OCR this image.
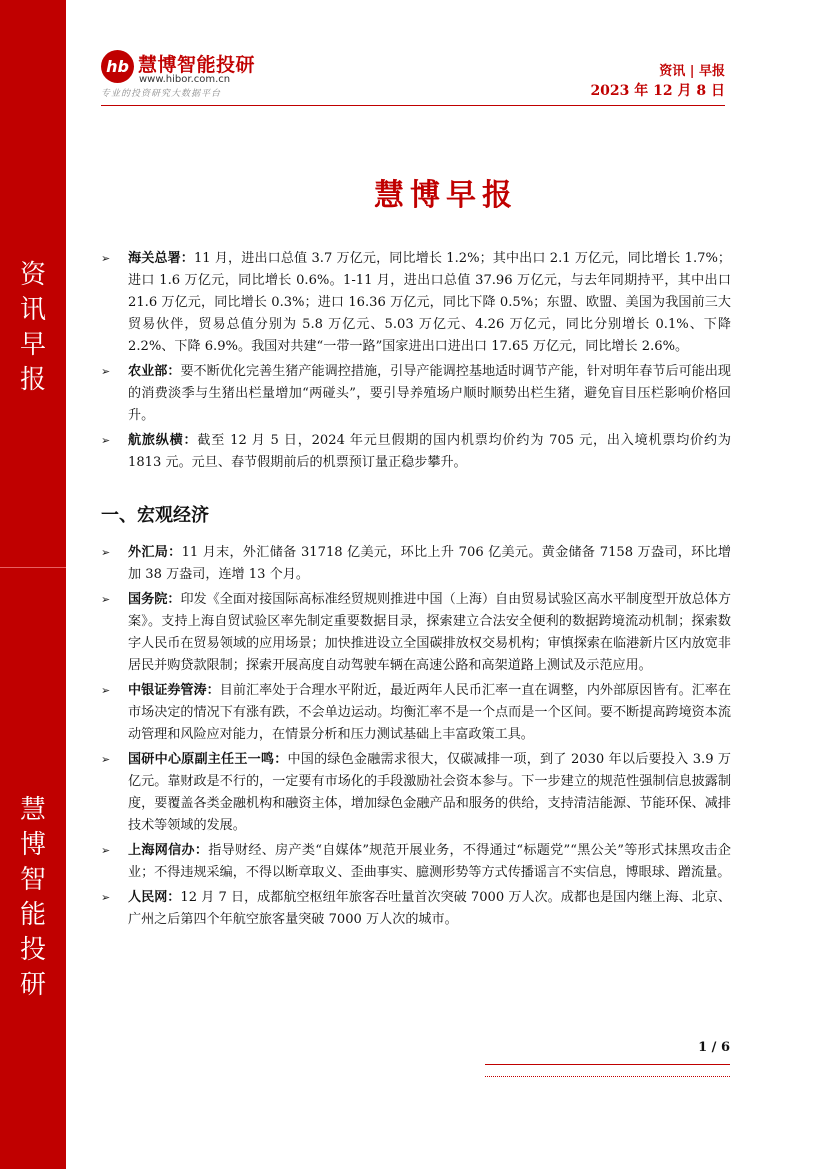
资
讯
早
报
慧
博
智
能
投
研
hb 慧博智能投研
www.hibor.com.cn
专业的投资研究大数据平台
资讯 | 早报
2023 年 12 月 8 日
慧博早报
➢ 海关总署：11 月，进出口总值 3.7 万亿元，同比增长 1.2%；其中出口 2.1 万亿元，同比增长 1.7%；进口 1.6 万亿元，同比增长 0.6%。1-11 月，进出口总值 37.96 万亿元，与去年同期持平，其中出口 21.6 万亿元，同比增长 0.3%；进口 16.36 万亿元，同比下降 0.5%；东盟、欧盟、美国为我国前三大贸易伙伴，贸易总值分别为 5.8 万亿元、5.03 万亿元、4.26 万亿元，同比分别增长 0.1%、下降 2.2%、下降 6.9%。我国对共建“一带一路”国家进出口进出口 17.65 万亿元，同比增长 2.6%。
➢ 农业部：要不断优化完善生猪产能调控措施，引导产能调控基地适时调节产能，针对明年春节后可能出现的消费淡季与生猪出栏量增加“两碰头”，要引导养殖场户顺时顺势出栏生猪，避免盲目压栏影响价格回升。
➢ 航旅纵横：截至 12 月 5 日，2024 年元旦假期的国内机票均价约为 705 元，出入境机票均价约为 1813 元。元旦、春节假期前后的机票预订量正稳步攀升。
一、宏观经济
➢ 外汇局：11 月末，外汇储备 31718 亿美元，环比上升 706 亿美元。黄金储备 7158 万盎司，环比增加 38 万盎司，连增 13 个月。
➢ 国务院：印发《全面对接国际高标准经贸规则推进中国（上海）自由贸易试验区高水平制度型开放总体方案》。支持上海自贸试验区率先制定重要数据目录，探索建立合法安全便利的数据跨境流动机制；探索数字人民币在贸易领域的应用场景；加快推进设立全国碳排放权交易机构；审慎探索在临港新片区内放宽非居民并购贷款限制；探索开展高度自动驾驶车辆在高速公路和高架道路上测试及示范应用。
➢ 中银证券管涛：目前汇率处于合理水平附近，最近两年人民币汇率一直在调整，内外部原因皆有。汇率在市场决定的情况下有涨有跌，不会单边运动。均衡汇率不是一个点而是一个区间。要不断提高跨境资本流动管理和风险应对能力，在情景分析和压力测试基础上丰富政策工具。
➢ 国研中心原副主任王一鸣：中国的绿色金融需求很大，仅碳减排一项，到了 2030 年以后要投入 3.9 万亿元。靠财政是不行的，一定要有市场化的手段激励社会资本参与。下一步建立的规范性强制信息披露制度，要覆盖各类金融机构和融资主体，增加绿色金融产品和服务的供给，支持清洁能源、节能环保、减排技术等领域的发展。
➢ 上海网信办：指导财经、房产类“自媒体”规范开展业务，不得通过“标题党”“黑公关”等形式抹黑攻击企业；不得违规采编，不得以断章取义、歪曲事实、臆测形势等方式传播谣言不实信息，博眼球、蹭流量。
➢ 人民网：12 月 7 日，成都航空枢纽年旅客吞吐量首次突破 7000 万人次。成都也是国内继上海、北京、广州之后第四个年航空旅客量突破 7000 万人次的城市。
1 / 6
